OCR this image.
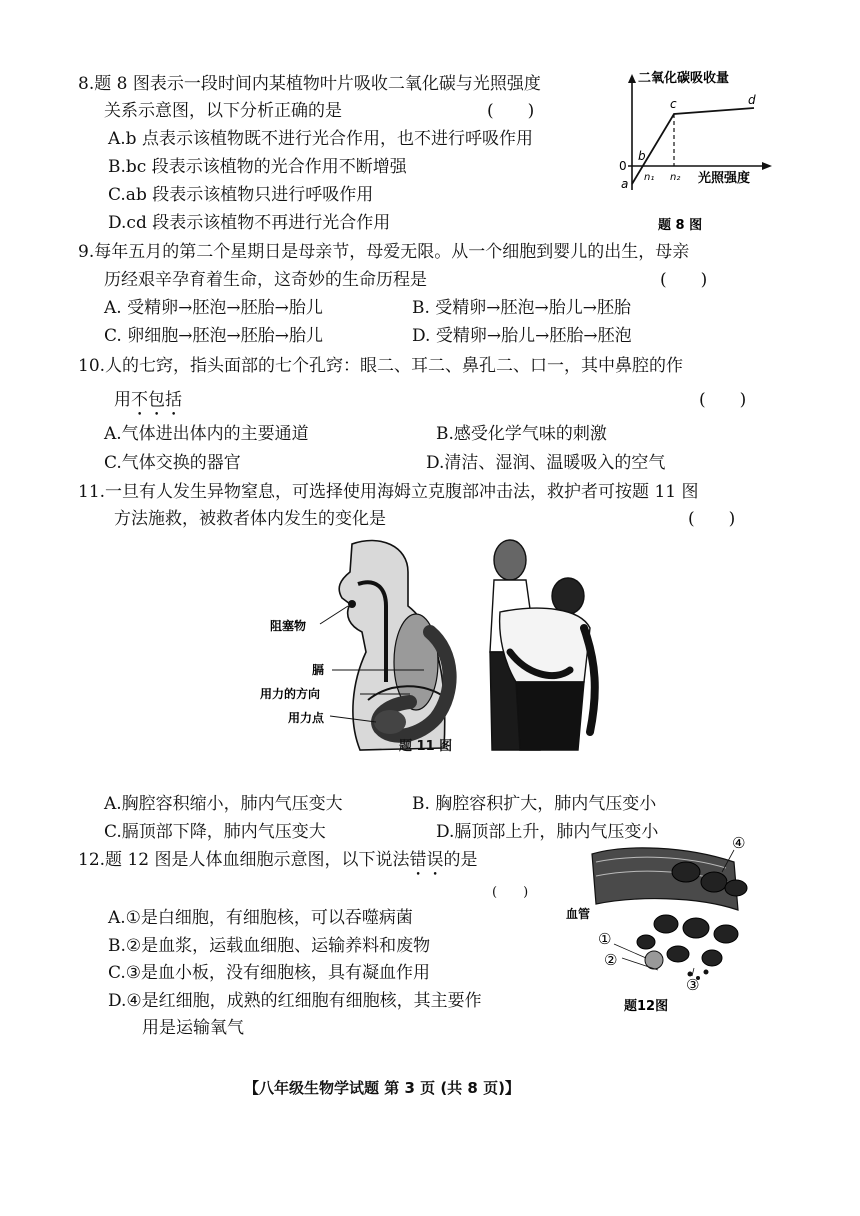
8.题 8 图表示一段时间内某植物叶片吸收二氧化碳与光照强度
关系示意图，以下分析正确的是	(　　)
A.b 点表示该植物既不进行光合作用，也不进行呼吸作用
B.bc 段表示该植物的光合作用不断增强
C.ab 段表示该植物只进行呼吸作用
D.cd 段表示该植物不再进行光合作用
二氧化碳吸收量
光照强度
0
a
b
c	d
n₁ n₂
题 8 图
9.每年五月的第二个星期日是母亲节，母爱无限。从一个细胞到婴儿的出生，母亲
历经艰辛孕育着生命，这奇妙的生命历程是	(　　)
A. 受精卵→胚泡→胚胎→胎儿	B. 受精卵→胚泡→胎儿→胚胎
C. 卵细胞→胚泡→胚胎→胎儿	D. 受精卵→胎儿→胚胎→胚泡
10.人的七窍，指头面部的七个孔窍：眼二、耳二、鼻孔二、口一，其中鼻腔的作
用不包括	(　　)
A.气体进出体内的主要通道	B.感受化学气味的刺激
C.气体交换的器官	D.清洁、湿润、温暖吸入的空气
11.一旦有人发生异物窒息，可选择使用海姆立克腹部冲击法，救护者可按题 11 图
方法施救，被救者体内发生的变化是	(　　)
阻塞物
膈
用力的方向
用力点
题 11 图
A.胸腔容积缩小，肺内气压变大	B. 胸腔容积扩大，肺内气压变小
C.膈顶部下降，肺内气压变大	D.膈顶部上升，肺内气压变小
12.题 12 图是人体血细胞示意图，以下说法错误的是
(　　)
A.①是白细胞，有细胞核，可以吞噬病菌
B.②是血浆，运载血细胞、运输养料和废物
C.③是血小板，没有细胞核，具有凝血作用
D.④是红细胞，成熟的红细胞有细胞核，其主要作
用是运输氧气
血管
①
②
③
④
题12图
【八年级生物学试题 第 3 页 (共 8 页)】
